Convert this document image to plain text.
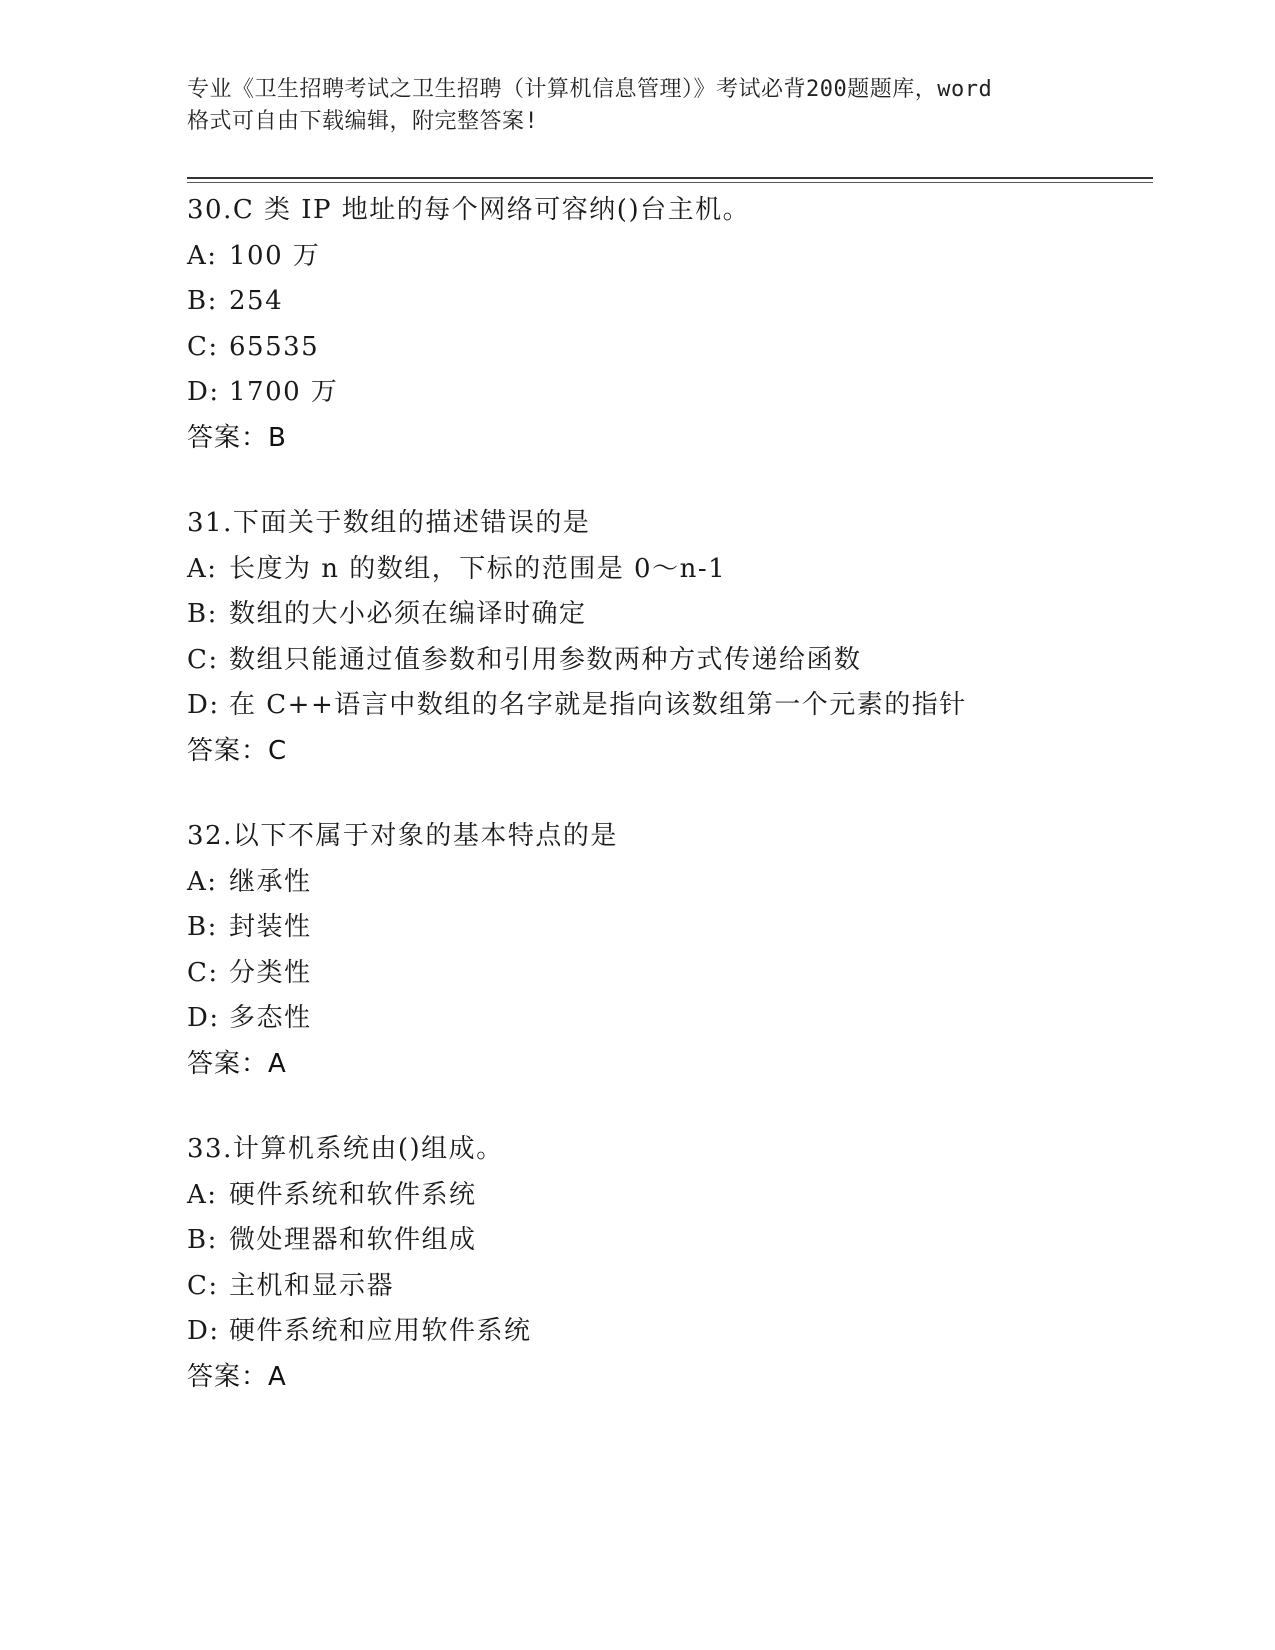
专业《卫生招聘考试之卫生招聘（计算机信息管理）》考试必背200题题库，word
格式可自由下载编辑，附完整答案!
30.C 类 IP 地址的每个网络可容纳()台主机。
A: 100 万
B: 254
C: 65535
D: 1700 万
答案：B
31.下面关于数组的描述错误的是
A: 长度为 n 的数组，下标的范围是 0～n-1
B: 数组的大小必须在编译时确定
C: 数组只能通过值参数和引用参数两种方式传递给函数
D: 在 C++语言中数组的名字就是指向该数组第一个元素的指针
答案：C
32.以下不属于对象的基本特点的是
A: 继承性
B: 封装性
C: 分类性
D: 多态性
答案：A
33.计算机系统由()组成。
A: 硬件系统和软件系统
B: 微处理器和软件组成
C: 主机和显示器
D: 硬件系统和应用软件系统
答案：A
